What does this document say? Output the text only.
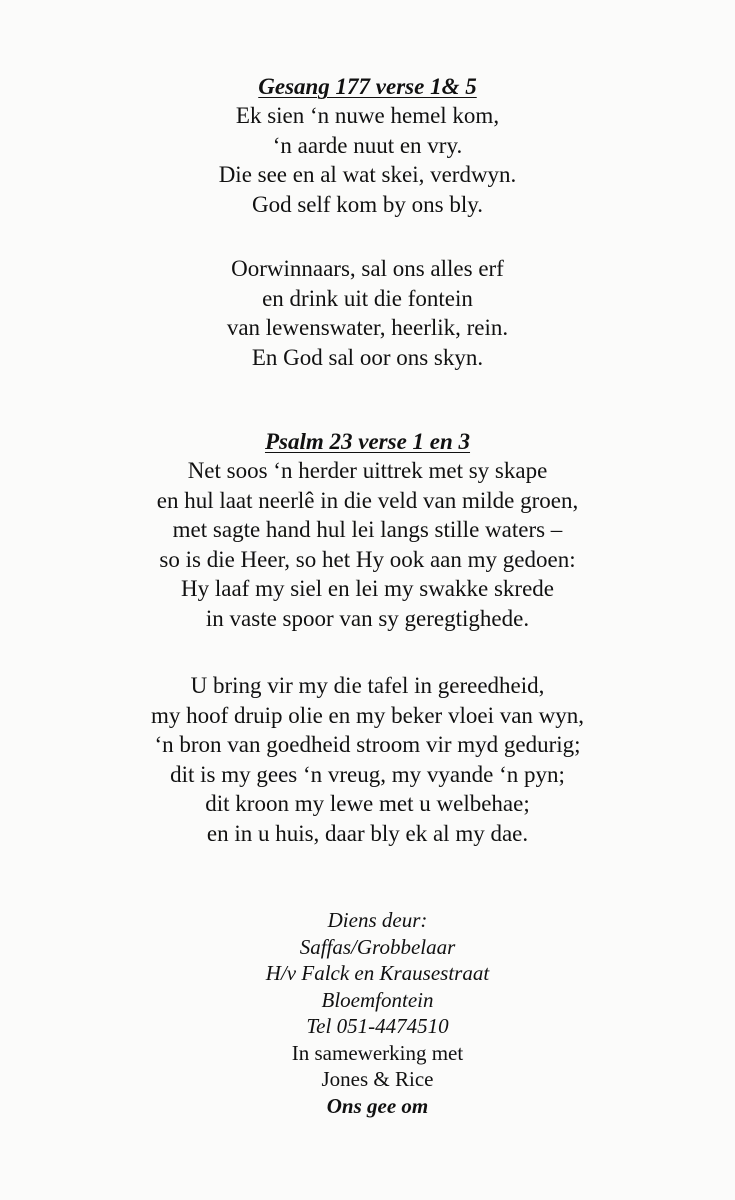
Gesang 177 verse 1& 5

Ek sien ‘n nuwe hemel kom,
‘n aarde nuut en vry.
Die see en al wat skei, verdwyn.
God self kom by ons bly.

Oorwinnaars, sal ons alles erf
en drink uit die fontein
van lewenswater, heerlik, rein.
En God sal oor ons skyn.

Psalm 23 verse 1 en 3

Net soos ‘n herder uittrek met sy skape
en hul laat neerlê in die veld van milde groen,
met sagte hand hul lei langs stille waters –
so is die Heer, so het Hy ook aan my gedoen:
Hy laaf my siel en lei my swakke skrede
in vaste spoor van sy geregtighede.

U bring vir my die tafel in gereedheid,
my hoof druip olie en my beker vloei van wyn,
‘n bron van goedheid stroom vir myd gedurig;
dit is my gees ‘n vreug, my vyande ‘n pyn;
dit kroon my lewe met u welbehae;
en in u huis, daar bly ek al my dae.

Diens deur:
Saffas/Grobbelaar
H/v Falck en Krausestraat
Bloemfontein
Tel 051-4474510
In samewerking met
Jones & Rice
Ons gee om
